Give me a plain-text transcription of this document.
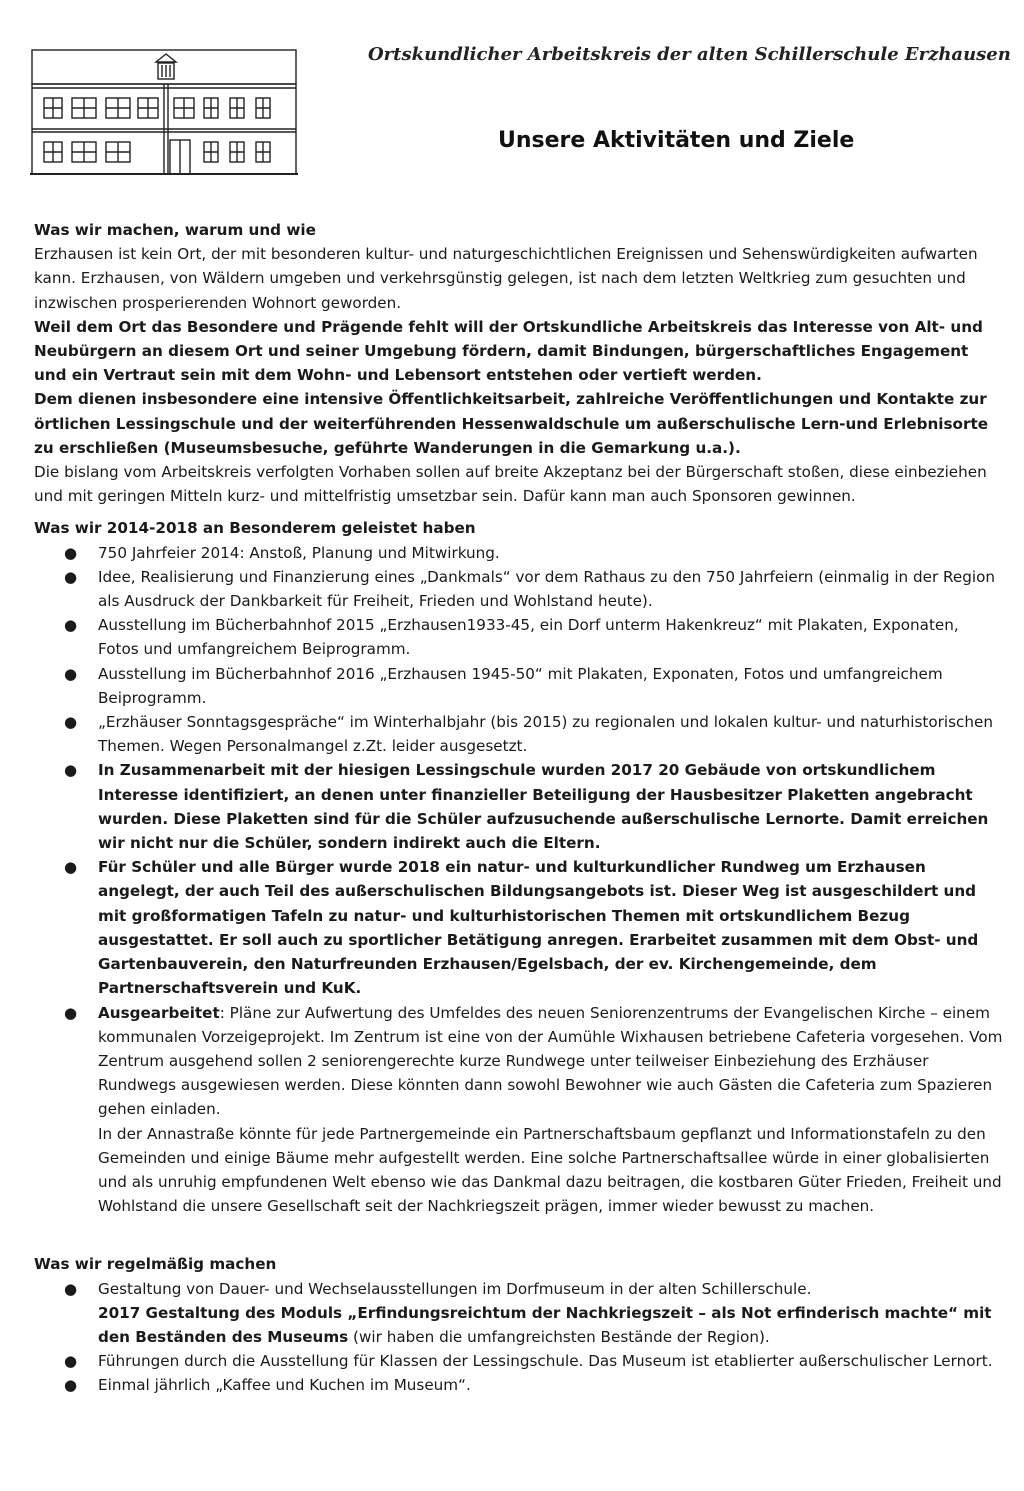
Ortskundlicher Arbeitskreis der alten Schillerschule Erzhausen
Unsere Aktivitäten und Ziele

Was wir machen, warum und wie

Erzhausen ist kein Ort, der mit besonderen kultur- und naturgeschichtlichen Ereignissen und Sehenswürdigkeiten aufwarten kann. Erzhausen, von Wäldern umgeben und verkehrsgünstig gelegen, ist nach dem letzten Weltkrieg zum gesuchten und inzwischen prosperierenden Wohnort geworden.

Weil dem Ort das Besondere und Prägende fehlt will der Ortskundliche Arbeitskreis das Interesse von Alt- und Neubürgern an diesem Ort und seiner Umgebung fördern, damit Bindungen, bürgerschaftliches Engagement und ein Vertraut sein mit dem Wohn- und Lebensort entstehen oder vertieft werden.

Dem dienen insbesondere eine intensive Öffentlichkeitsarbeit, zahlreiche Veröffentlichungen und Kontakte zur örtlichen Lessingschule und der weiterführenden Hessenwaldschule um außerschulische Lern-und Erlebnisorte zu erschließen (Museumsbesuche, geführte Wanderungen in die Gemarkung u.a.).

Die bislang vom Arbeitskreis verfolgten Vorhaben sollen auf breite Akzeptanz bei der Bürgerschaft stoßen, diese einbeziehen und mit geringen Mitteln kurz- und mittelfristig umsetzbar sein. Dafür kann man auch Sponsoren gewinnen.

Was wir 2014-2018 an Besonderem geleistet haben

● 750 Jahrfeier 2014: Anstoß, Planung und Mitwirkung.
● Idee, Realisierung und Finanzierung eines „Dankmals“ vor dem Rathaus zu den 750 Jahrfeiern (einmalig in der Region als Ausdruck der Dankbarkeit für Freiheit, Frieden und Wohlstand heute).
● Ausstellung im Bücherbahnhof 2015 „Erzhausen1933-45, ein Dorf unterm Hakenkreuz“ mit Plakaten, Exponaten, Fotos und umfangreichem Beiprogramm.
● Ausstellung im Bücherbahnhof 2016 „Erzhausen 1945-50“ mit Plakaten, Exponaten, Fotos und umfangreichem Beiprogramm.
● „Erzhäuser Sonntagsgespräche“ im Winterhalbjahr (bis 2015) zu regionalen und lokalen kultur- und naturhistorischen Themen. Wegen Personalmangel z.Zt. leider ausgesetzt.
● In Zusammenarbeit mit der hiesigen Lessingschule wurden 2017 20 Gebäude von ortskundlichem Interesse identifiziert, an denen unter finanzieller Beteiligung der Hausbesitzer Plaketten angebracht wurden. Diese Plaketten sind für die Schüler aufzusuchende außerschulische Lernorte. Damit erreichen wir nicht nur die Schüler, sondern indirekt auch die Eltern.
● Für Schüler und alle Bürger wurde 2018 ein natur- und kulturkundlicher Rundweg um Erzhausen angelegt, der auch Teil des außerschulischen Bildungsangebots ist. Dieser Weg ist ausgeschildert und mit großformatigen Tafeln zu natur- und kulturhistorischen Themen mit ortskundlichem Bezug ausgestattet. Er soll auch zu sportlicher Betätigung anregen. Erarbeitet zusammen mit dem Obst- und Gartenbauverein, den Naturfreunden Erzhausen/Egelsbach, der ev. Kirchengemeinde, dem Partnerschaftsverein und KuK.
● Ausgearbeitet: Pläne zur Aufwertung des Umfeldes des neuen Seniorenzentrums der Evangelischen Kirche – einem kommunalen Vorzeigeprojekt. Im Zentrum ist eine von der Aumühle Wixhausen betriebene Cafeteria vorgesehen. Vom Zentrum ausgehend sollen 2 seniorengerechte kurze Rundwege unter teilweiser Einbeziehung des Erzhäuser Rundwegs ausgewiesen werden. Diese könnten dann sowohl Bewohner wie auch Gästen die Cafeteria zum Spazieren gehen einladen.

In der Annastraße könnte für jede Partnergemeinde ein Partnerschaftsbaum gepflanzt und Informationstafeln zu den Gemeinden und einige Bäume mehr aufgestellt werden. Eine solche Partnerschaftsallee würde in einer globalisierten und als unruhig empfundenen Welt ebenso wie das Dankmal dazu beitragen, die kostbaren Güter Frieden, Freiheit und Wohlstand die unsere Gesellschaft seit der Nachkriegszeit prägen, immer wieder bewusst zu machen.

Was wir regelmäßig machen

● Gestaltung von Dauer- und Wechselausstellungen im Dorfmuseum in der alten Schillerschule.
2017 Gestaltung des Moduls „Erfindungsreichtum der Nachkriegszeit – als Not erfinderisch machte“ mit den Beständen des Museums (wir haben die umfangreichsten Bestände der Region).
● Führungen durch die Ausstellung für Klassen der Lessingschule. Das Museum ist etablierter außerschulischer Lernort.
● Einmal jährlich „Kaffee und Kuchen im Museum“.
